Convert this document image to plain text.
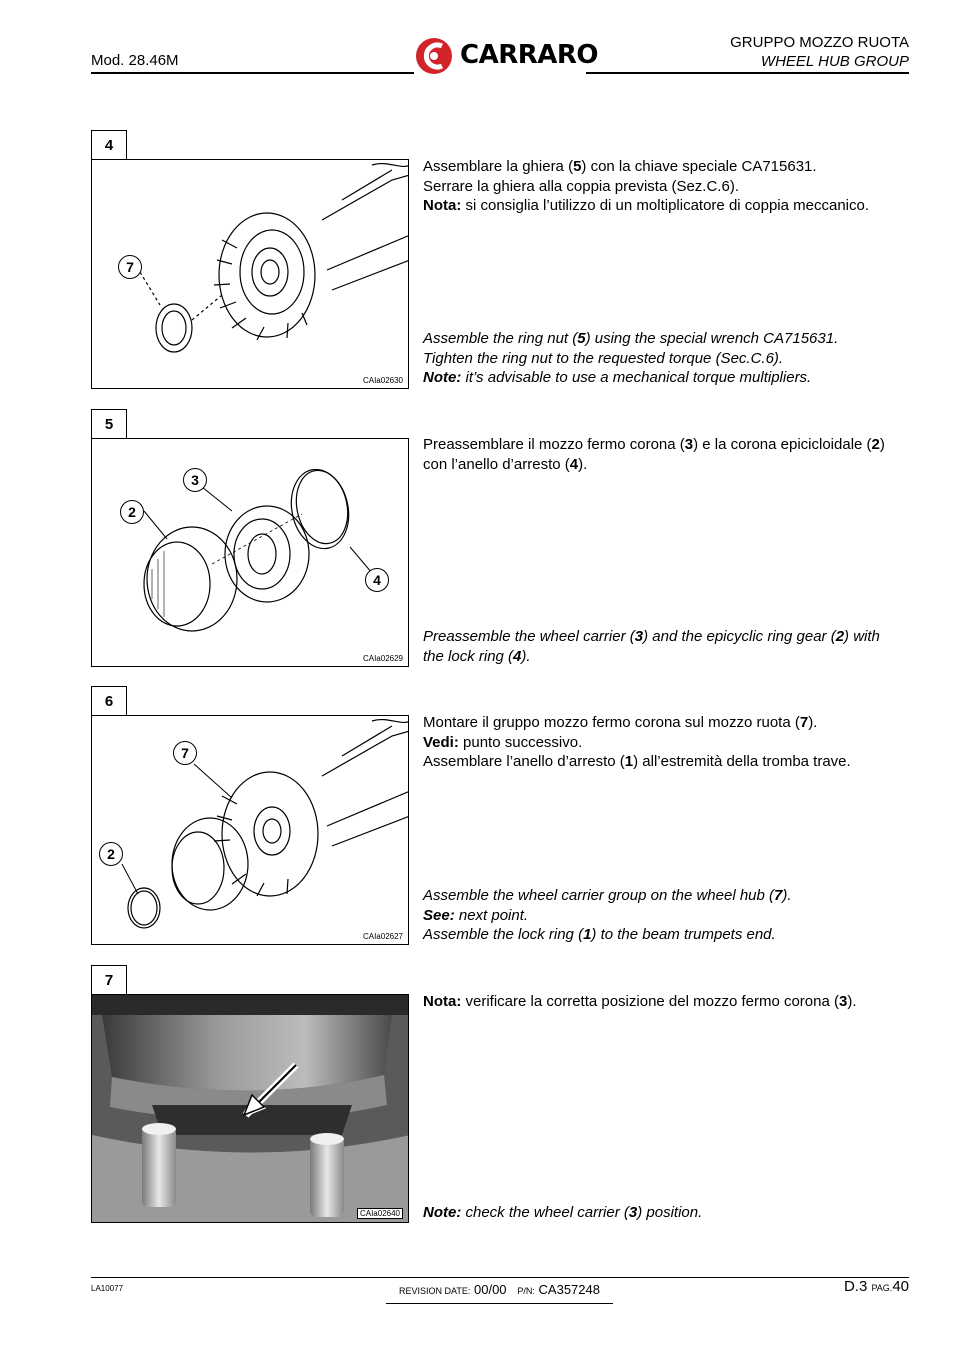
Mod. 28.46M	CARRARO	GRUPPO MOZZO RUOTA
WHEEL HUB GROUP
4
7
CAIa02630
Assemblare la ghiera (5) con la chiave speciale CA715631.
Serrare la ghiera alla coppia prevista (Sez.C.6).
Nota: si consiglia l’utilizzo di un moltiplicatore di coppia meccanico.
Assemble the ring nut (5) using the special wrench CA715631.
Tighten the ring nut to the requested torque (Sec.C.6).
Note: it’s advisable to use a mechanical torque multipliers.
5
3
2
4
CAIa02629
Preassemblare il mozzo fermo corona (3) e la corona epicicloidale (2)
con l’anello d’arresto (4).
Preassemble the wheel carrier (3) and the epicyclic ring gear (2) with
the lock ring (4).
6
7
2
CAIa02627
Montare il gruppo mozzo fermo corona sul mozzo ruota (7).
Vedi: punto successivo.
Assemblare l’anello d’arresto (1) all’estremità della tromba trave.
Assemble the wheel carrier group on the wheel hub (7).
See: next point.
Assemble the lock ring (1) to the beam trumpets end.
7
CAIa02640
Nota: verificare la corretta posizione del mozzo fermo corona (3).
Note: check the wheel carrier (3) position.
LA10077	REVISION DATE: 00/00 P/N: CA357248	D.3 PAG.40
